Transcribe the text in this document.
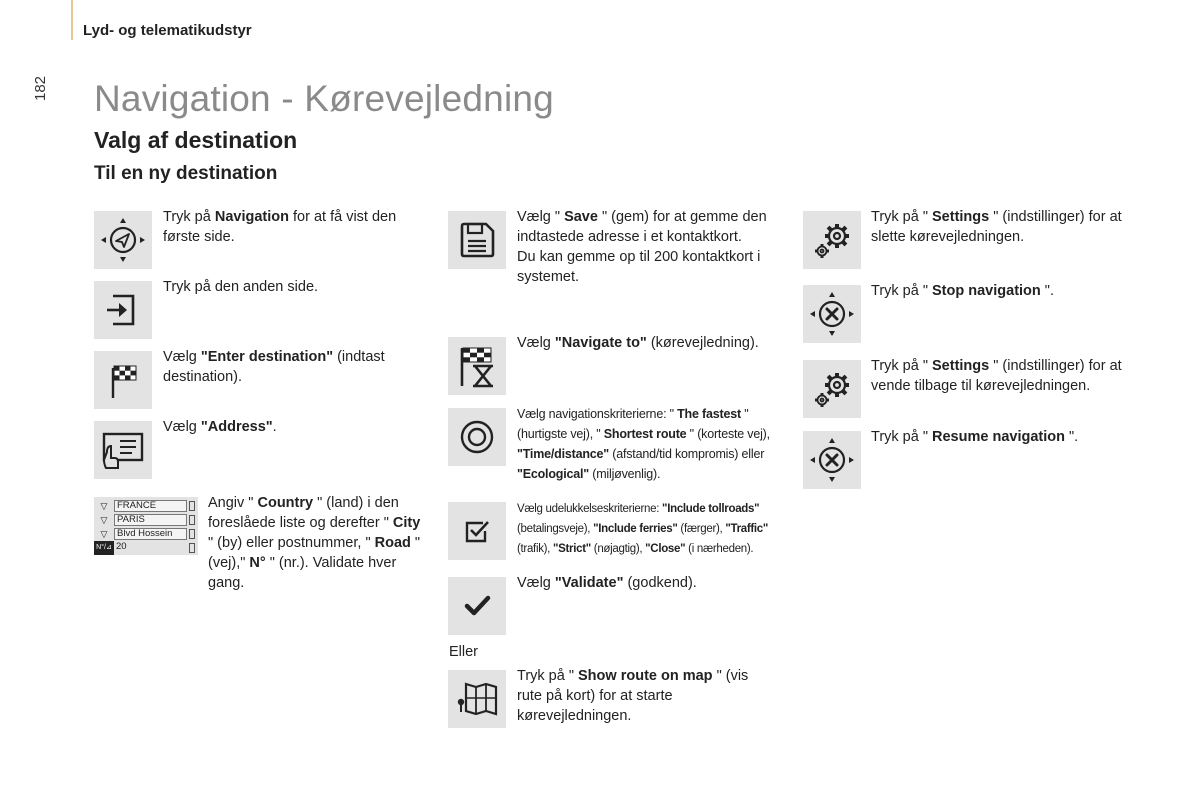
Lyd- og telematikudstyr
182 Navigation - Kørevejledning
Valg af destination
Til en ny destination
Tryk på Navigation for at få vist den første side.
Tryk på den anden side.
Vælg "Enter destination" (indtast destination).
Vælg "Address".
▽	FRANCE
▽	PARIS
▽	Blvd Hossein
N°/⊿ 20
Angiv " Country " (land) i den foreslåede liste og derefter " City " (by) eller postnummer, " Road " (vej)," N° " (nr.). Validate hver gang.
Vælg " Save " (gem) for at gemme den indtastede adresse i et kontaktkort.
Du kan gemme op til 200 kontaktkort i systemet.
Vælg "Navigate to" (kørevejledning).
Vælg navigationskriterierne: " The fastest " (hurtigste vej), " Shortest route " (korteste vej), "Time/distance" (afstand/tid kompromis) eller "Ecological" (miljøvenlig).
Vælg udelukkelseskriterierne: "Include tollroads" (betalingsveje), "Include ferries" (færger), "Traffic" (trafik), "Strict" (nøjagtig), "Close" (i nærheden).
Vælg "Validate" (godkend).
Eller
Tryk på " Show route on map " (vis rute på kort) for at starte kørevejledningen.
Tryk på " Settings " (indstillinger) for at slette kørevejledningen.
Tryk på " Stop navigation ".
Tryk på " Settings " (indstillinger) for at vende tilbage til kørevejledningen.
Tryk på " Resume navigation ".
